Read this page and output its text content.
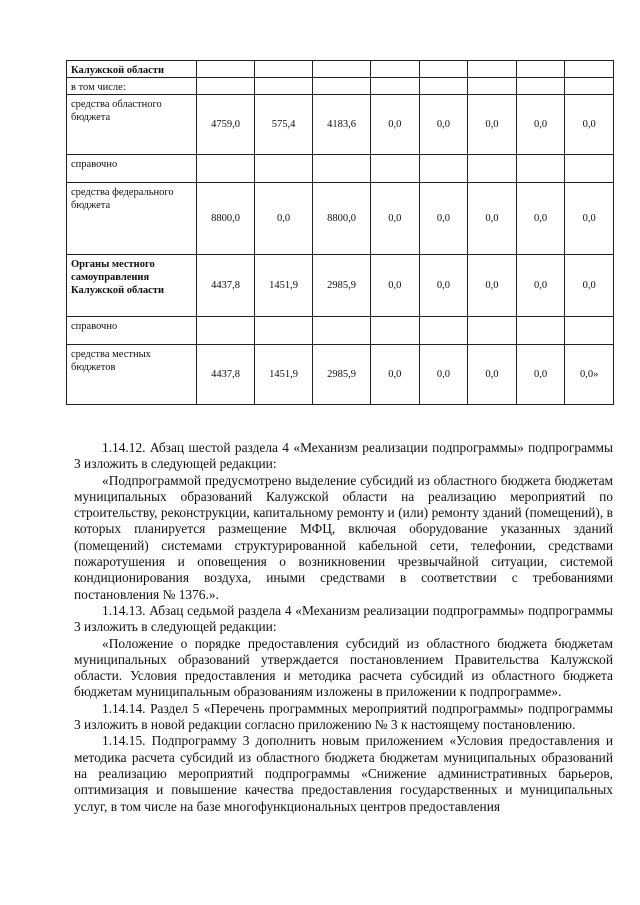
Калужской области								
в том числе:								
средства областного бюджета	4759,0	575,4	4183,6	0,0	0,0	0,0	0,0	0,0
справочно								
средства федерального бюджета	8800,0	0,0	8800,0	0,0	0,0	0,0	0,0	0,0
Органы местного самоуправления Калужской области	4437,8	1451,9	2985,9	0,0	0,0	0,0	0,0	0,0
справочно								
средства местных бюджетов	4437,8	1451,9	2985,9	0,0	0,0	0,0	0,0	0,0»

1.14.12. Абзац шестой раздела 4 «Механизм реализации подпрограммы» подпрограммы 3 изложить в следующей редакции:

«Подпрограммой предусмотрено выделение субсидий из областного бюджета бюджетам муниципальных образований Калужской области на реализацию мероприятий по строительству, реконструкции, капитальному ремонту и (или) ремонту зданий (помещений), в которых планируется размещение МФЦ, включая оборудование указанных зданий (помещений) системами структурированной кабельной сети, телефонии, средствами пожаротушения и оповещения о возникновении чрезвычайной ситуации, системой кондиционирования воздуха, иными средствами в соответствии с требованиями постановления № 1376.».

1.14.13. Абзац седьмой раздела 4 «Механизм реализации подпрограммы» подпрограммы 3 изложить в следующей редакции:

«Положение о порядке предоставления субсидий из областного бюджета бюджетам муниципальных образований утверждается постановлением Правительства Калужской области. Условия предоставления и методика расчета субсидий из областного бюджета бюджетам муниципальным образованиям изложены в приложении к подпрограмме».

1.14.14. Раздел 5 «Перечень программных мероприятий подпрограммы» подпрограммы 3 изложить в новой редакции согласно приложению № 3 к настоящему постановлению.

1.14.15. Подпрограмму 3 дополнить новым приложением «Условия предоставления и методика расчета субсидий из областного бюджета бюджетам муниципальных образований на реализацию мероприятий подпрограммы «Снижение административных барьеров, оптимизация и повышение качества предоставления государственных и муниципальных услуг, в том числе на базе многофункциональных центров предоставления
